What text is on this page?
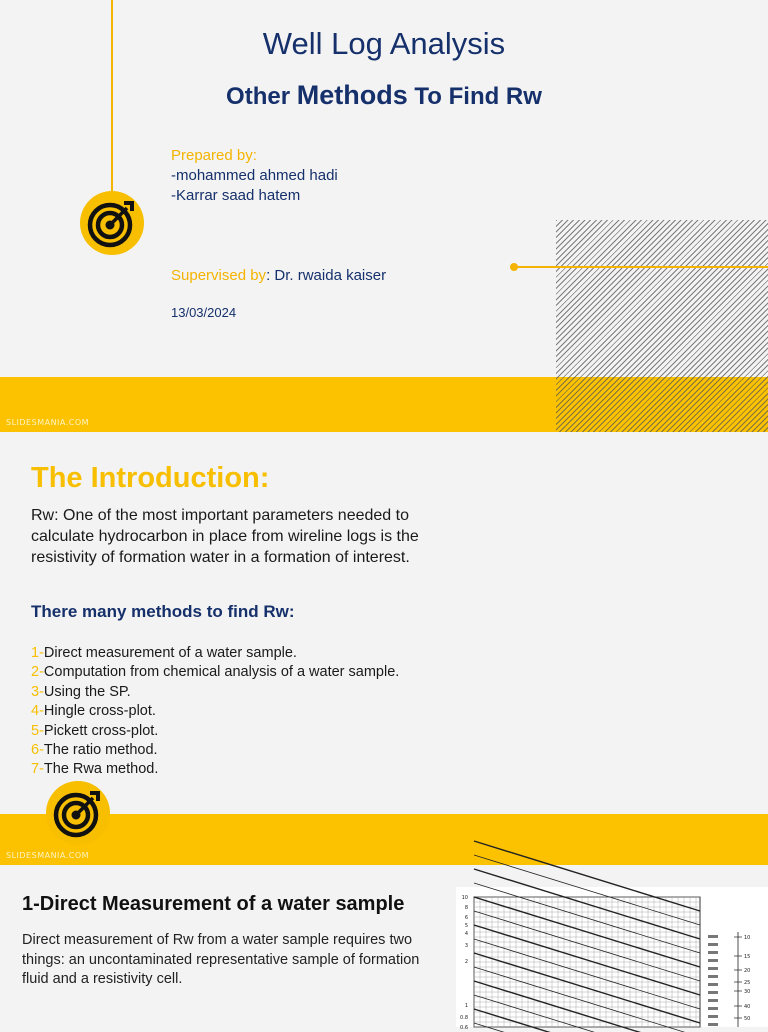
Well Log Analysis
Other Methods To Find Rw
Prepared by:
-mohammed ahmed hadi
-Karrar saad hatem
Supervised by: Dr. rwaida kaiser
13/03/2024
SLIDESMANIA.COM
The Introduction:

Rw: One of the most important parameters needed to calculate hydrocarbon in place from wireline logs is the resistivity of formation water in a formation of interest.

There many methods to find Rw:
1-Direct measurement of a water sample.
2-Computation from chemical analysis of a water sample.
3-Using the SP.
4-Hingle cross-plot.
5-Pickett cross-plot.
6-The ratio method.
7-The Rwa method.
SLIDESMANIA.COM
1-Direct Measurement of a water sample

Direct measurement of Rw from a water sample requires two things: an uncontaminated representative sample of formation fluid and a resistivity cell.

10
8
6
5
4
3
2
1
0.8
0.6
10
15
20
25
30
40
50
